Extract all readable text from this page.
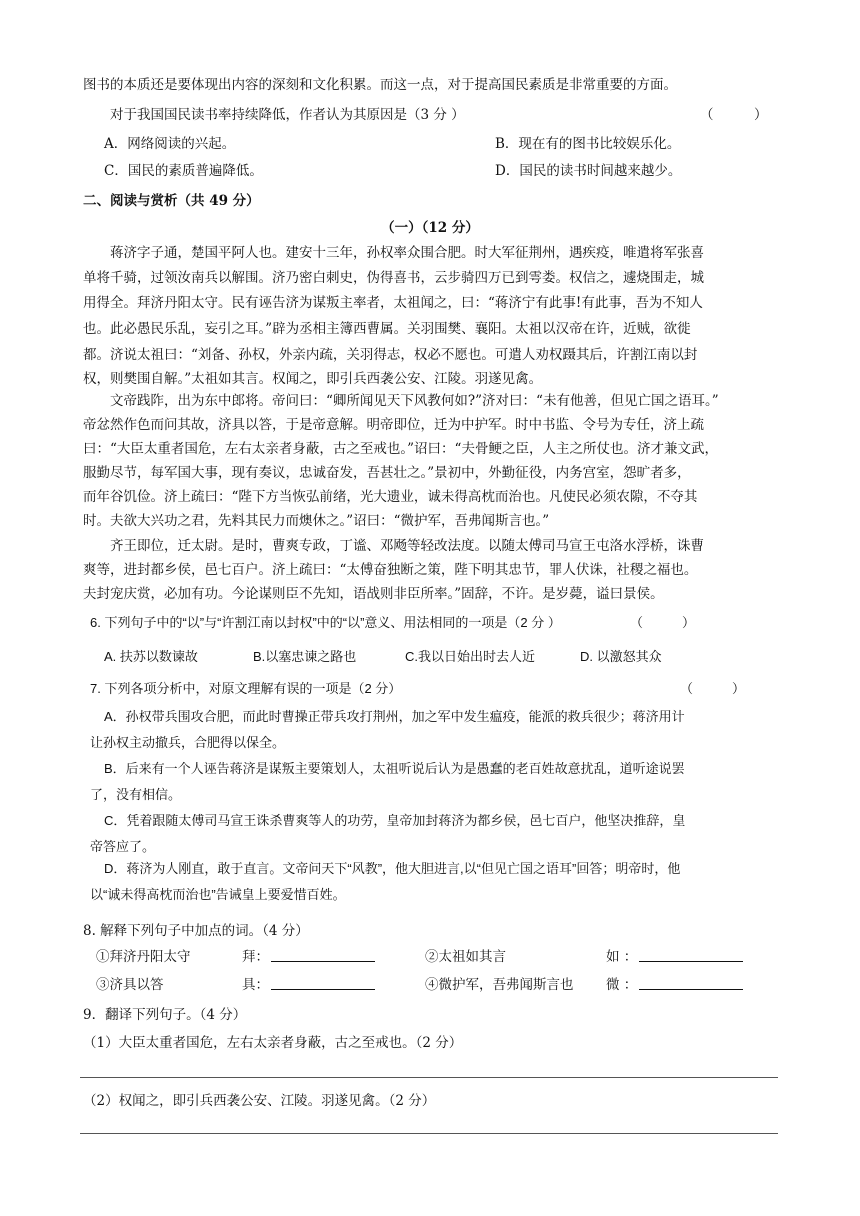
图书的本质还是要体现出内容的深刻和文化积累。而这一点，对于提高国民素质是非常重要的方面。
对于我国国民读书率持续降低，作者认为其原因是（3 分 ）	（　　　）
A．网络阅读的兴起。	B．现在有的图书比较娱乐化。
C．国民的素质普遍降低。	D．国民的读书时间越来越少。
二、阅读与赏析（共 49 分）
（一）（12 分）
蒋济字子通，楚国平阿人也。建安十三年，孙权率众围合肥。时大军征荆州，遇疾疫，唯遣将军张喜
单将千骑，过领汝南兵以解围。济乃密白刺史，伪得喜书，云步骑四万已到雩娄。权信之，遽烧围走，城
用得全。拜济丹阳太守。民有诬告济为谋叛主率者，太祖闻之，曰：“蒋济宁有此事!有此事，吾为不知人
也。此必愚民乐乱，妄引之耳。”辟为丞相主簿西曹属。关羽围樊、襄阳。太祖以汉帝在许，近贼，欲徙
都。济说太祖曰：“刘备、孙权，外亲内疏，关羽得志，权必不愿也。可遣人劝权蹑其后，许割江南以封
权，则樊围自解。”太祖如其言。权闻之，即引兵西袭公安、江陵。羽遂见禽。
文帝践阼，出为东中郎将。帝问曰：“卿所闻见天下风教何如?”济对曰：“未有他善，但见亡国之语耳。”
帝忿然作色而问其故，济具以答，于是帝意解。明帝即位，迁为中护军。时中书监、令号为专任，济上疏
曰：“大臣太重者国危，左右太亲者身蔽，古之至戒也。”诏曰：“夫骨鲠之臣，人主之所仗也。济才兼文武，
服勤尽节，每军国大事，现有奏议，忠诚奋发，吾甚壮之。”景初中，外勤征役，内务宫室，怨旷者多，
而年谷饥俭。济上疏曰：“陛下方当恢弘前绪，光大遗业，诚未得高枕而治也。凡使民必须农隙，不夺其
时。夫欲大兴功之君，先料其民力而燠休之。”诏曰：“微护军，吾弗闻斯言也。”
齐王即位，迁太尉。是时，曹爽专政，丁谧、邓飏等轻改法度。以随太傅司马宣王屯洛水浮桥，诛曹
爽等，进封都乡侯，邑七百户。济上疏曰：“太傅奋独断之策，陛下明其忠节，罪人伏诛，社稷之福也。
夫封宠庆赏，必加有功。今论谋则臣不先知，语战则非臣所率。”固辞，不许。是岁薨，谥曰景侯。
6. 下列句子中的“以”与“许割江南以封权”中的“以”意义、用法相同的一项是（2 分 ）	（　　　）
A. 扶苏以数谏故	B.以塞忠谏之路也	C.我以日始出时去人近	D. 以激怒其众
7. 下列各项分析中，对原文理解有误的一项是（2 分）	（　　　）
A．孙权带兵围攻合肥，而此时曹操正带兵攻打荆州，加之军中发生瘟疫，能派的救兵很少；蒋济用计
让孙权主动撤兵，合肥得以保全。
B．后来有一个人诬告蒋济是谋叛主要策划人，太祖听说后认为是愚蠢的老百姓故意扰乱，道听途说罢
了，没有相信。
C．凭着跟随太傅司马宣王诛杀曹爽等人的功劳，皇帝加封蒋济为都乡侯，邑七百户，他坚决推辞，皇
帝答应了。
D．蒋济为人刚直，敢于直言。文帝问天下“风教”，他大胆进言,以“但见亡国之语耳”回答；明帝时，他
以“诚未得高枕而治也”告诫皇上要爱惜百姓。
8. 解释下列句子中加点的词。（4 分）
①拜济丹阳太守	拜：	②太祖如其言	如 ：
③济具以答	具：	④微护军，吾弗闻斯言也 微 ：
9．翻译下列句子。（4 分）
（1）大臣太重者国危，左右太亲者身蔽，古之至戒也。（2 分）
（2）权闻之，即引兵西袭公安、江陵。羽遂见禽。（2 分）
